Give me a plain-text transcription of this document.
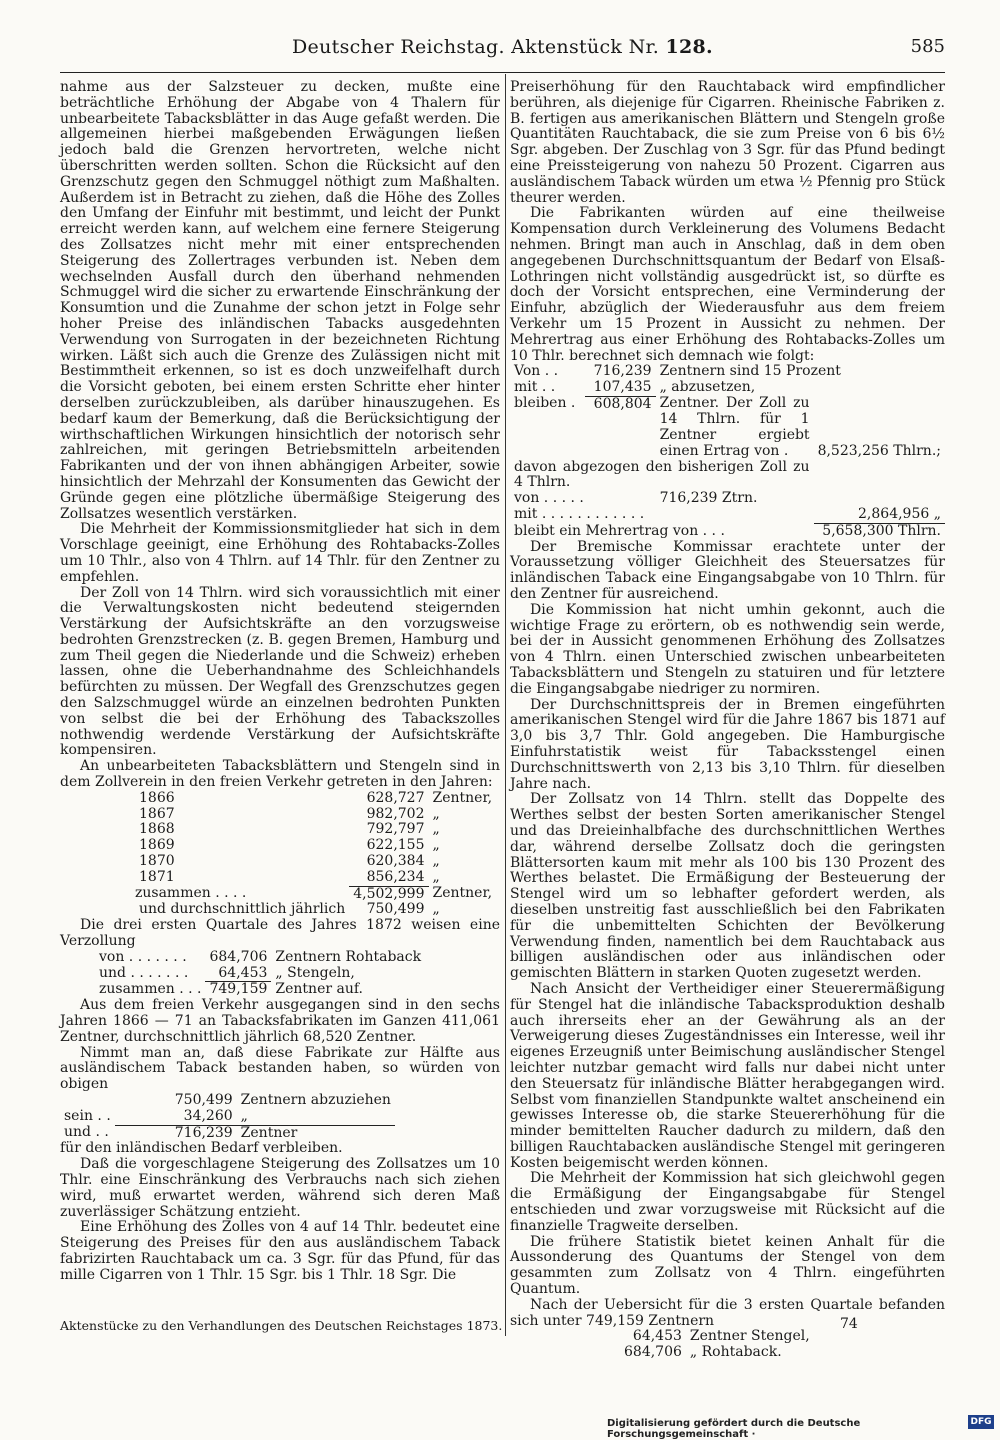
Deutscher Reichstag. Aktenstück Nr. 128.	585

nahme aus der Salzsteuer zu decken, mußte eine beträchtliche Erhöhung der Abgabe von 4 Thalern für unbearbeitete Tabacksblätter in das Auge gefaßt werden. Die allgemeinen hierbei maßgebenden Erwägungen ließen jedoch bald die Grenzen hervortreten, welche nicht überschritten werden sollten. Schon die Rücksicht auf den Grenzschutz gegen den Schmuggel nöthigt zum Maßhalten. Außerdem ist in Betracht zu ziehen, daß die Höhe des Zolles den Umfang der Einfuhr mit bestimmt, und leicht der Punkt erreicht werden kann, auf welchem eine fernere Steigerung des Zollsatzes nicht mehr mit einer entsprechenden Steigerung des Zollertrages verbunden ist. Neben dem wechselnden Ausfall durch den überhand nehmenden Schmuggel wird die sicher zu erwartende Einschränkung der Konsumtion und die Zunahme der schon jetzt in Folge sehr hoher Preise des inländischen Tabacks ausgedehnten Verwendung von Surrogaten in der bezeichneten Richtung wirken. Läßt sich auch die Grenze des Zulässigen nicht mit Bestimmtheit erkennen, so ist es doch unzweifelhaft durch die Vorsicht geboten, bei einem ersten Schritte eher hinter derselben zurückzubleiben, als darüber hinauszugehen. Es bedarf kaum der Bemerkung, daß die Berücksichtigung der wirthschaftlichen Wirkungen hinsichtlich der notorisch sehr zahlreichen, mit geringen Betriebsmitteln arbeitenden Fabrikanten und der von ihnen abhängigen Arbeiter, sowie hinsichtlich der Mehrzahl der Konsumenten das Gewicht der Gründe gegen eine plötzliche übermäßige Steigerung des Zollsatzes wesentlich verstärken.

Die Mehrheit der Kommissionsmitglieder hat sich in dem Vorschlage geeinigt, eine Erhöhung des Rohtabacks-Zolles um 10 Thlr., also von 4 Thlrn. auf 14 Thlr. für den Zentner zu empfehlen.

Der Zoll von 14 Thlrn. wird sich voraussichtlich mit einer die Verwaltungskosten nicht bedeutend steigernden Verstärkung der Aufsichtskräfte an den vorzugsweise bedrohten Grenzstrecken (z. B. gegen Bremen, Hamburg und zum Theil gegen die Niederlande und die Schweiz) erheben lassen, ohne die Ueberhandnahme des Schleichhandels befürchten zu müssen. Der Wegfall des Grenzschutzes gegen den Salzschmuggel würde an einzelnen bedrohten Punkten von selbst die bei der Erhöhung des Tabackszolles nothwendig werdende Verstärkung der Aufsichtskräfte kompensiren.

An unbearbeiteten Tabacksblättern und Stengeln sind in dem Zollverein in den freien Verkehr getreten in den Jahren:

1866	628,727	Zentner,
1867	982,702	„
1868	792,797	„
1869	622,155	„
1870	620,384	„
1871	856,234	„
zusammen . . . .	4,502,999	Zentner,
und durchschnittlich jährlich	750,499	„

Die drei ersten Quartale des Jahres 1872 weisen eine Verzollung

von . . . . . . .	684,706	Zentnern Rohtaback
und . . . . . . .	64,453	„ Stengeln,
zusammen . . .	749,159	Zentner auf.

Aus dem freien Verkehr ausgegangen sind in den sechs Jahren 1866 — 71 an Tabacksfabrikaten im Ganzen 411,061 Zentner, durchschnittlich jährlich 68,520 Zentner.

Nimmt man an, daß diese Fabrikate zur Hälfte aus ausländischem Taback bestanden haben, so würden von obigen

	750,499	Zentnern abzuziehen
sein . .	34,260	„
und . .	716,239	Zentner

für den inländischen Bedarf verbleiben.

Daß die vorgeschlagene Steigerung des Zollsatzes um 10 Thlr. eine Einschränkung des Verbrauchs nach sich ziehen wird, muß erwartet werden, während sich deren Maß zuverlässiger Schätzung entzieht.

Eine Erhöhung des Zolles von 4 auf 14 Thlr. bedeutet eine Steigerung des Preises für den aus ausländischem Taback fabrizirten Rauchtaback um ca. 3 Sgr. für das Pfund, für das mille Cigarren von 1 Thlr. 15 Sgr. bis 1 Thlr. 18 Sgr. Die

Preiserhöhung für den Rauchtaback wird empfindlicher berühren, als diejenige für Cigarren. Rheinische Fabriken z. B. fertigen aus amerikanischen Blättern und Stengeln große Quantitäten Rauchtaback, die sie zum Preise von 6 bis 6½ Sgr. abgeben. Der Zuschlag von 3 Sgr. für das Pfund bedingt eine Preissteigerung von nahezu 50 Prozent. Cigarren aus ausländischem Taback würden um etwa ½ Pfennig pro Stück theurer werden.

Die Fabrikanten würden auf eine theilweise Kompensation durch Verkleinerung des Volumens Bedacht nehmen. Bringt man auch in Anschlag, daß in dem oben angegebenen Durchschnittsquantum der Bedarf von Elsaß-Lothringen nicht vollständig ausgedrückt ist, so dürfte es doch der Vorsicht entsprechen, eine Verminderung der Einfuhr, abzüglich der Wiederausfuhr aus dem freiem Verkehr um 15 Prozent in Aussicht zu nehmen. Der Mehrertrag aus einer Erhöhung des Rohtabacks-Zolles um 10 Thlr. berechnet sich demnach wie folgt:

Von . .	716,239	Zentnern sind 15 Prozent	
mit . .	107,435	„ abzusetzen,	
bleiben .	608,804	Zentner. Der Zoll zu 14 Thlrn. für 1 Zentner ergiebt einen Ertrag von .	8,523,256 Thlrn.;
davon abgezogen den bisherigen Zoll zu 4 Thlrn.			
von . . . . .		716,239 Ztrn.	
mit . . . . . . . . . . . .			2,864,956 „
bleibt ein Mehrertrag von . . .			5,658,300 Thlrn.

Der Bremische Kommissar erachtete unter der Voraussetzung völliger Gleichheit des Steuersatzes für inländischen Taback eine Eingangsabgabe von 10 Thlrn. für den Zentner für ausreichend.

Die Kommission hat nicht umhin gekonnt, auch die wichtige Frage zu erörtern, ob es nothwendig sein werde, bei der in Aussicht genommenen Erhöhung des Zollsatzes von 4 Thlrn. einen Unterschied zwischen unbearbeiteten Tabacksblättern und Stengeln zu statuiren und für letztere die Eingangsabgabe niedriger zu normiren.

Der Durchschnittspreis der in Bremen eingeführten amerikanischen Stengel wird für die Jahre 1867 bis 1871 auf 3,0 bis 3,7 Thlr. Gold angegeben. Die Hamburgische Einfuhrstatistik weist für Tabacksstengel einen Durchschnittswerth von 2,13 bis 3,10 Thlrn. für dieselben Jahre nach.

Der Zollsatz von 14 Thlrn. stellt das Doppelte des Werthes selbst der besten Sorten amerikanischer Stengel und das Dreieinhalbfache des durchschnittlichen Werthes dar, während derselbe Zollsatz doch die geringsten Blättersorten kaum mit mehr als 100 bis 130 Prozent des Werthes belastet. Die Ermäßigung der Besteuerung der Stengel wird um so lebhafter gefordert werden, als dieselben unstreitig fast ausschließlich bei den Fabrikaten für die unbemittelten Schichten der Bevölkerung Verwendung finden, namentlich bei dem Rauchtaback aus billigen ausländischen oder aus inländischen oder gemischten Blättern in starken Quoten zugesetzt werden.

Nach Ansicht der Vertheidiger einer Steuerermäßigung für Stengel hat die inländische Tabacksproduktion deshalb auch ihrerseits eher an der Gewährung als an der Verweigerung dieses Zugeständnisses ein Interesse, weil ihr eigenes Erzeugniß unter Beimischung ausländischer Stengel leichter nutzbar gemacht wird falls nur dabei nicht unter den Steuersatz für inländische Blätter herabgegangen wird. Selbst vom finanziellen Standpunkte waltet anscheinend ein gewisses Interesse ob, die starke Steuererhöhung für die minder bemittelten Raucher dadurch zu mildern, daß den billigen Rauchtabacken ausländische Stengel mit geringeren Kosten beigemischt werden können.

Die Mehrheit der Kommission hat sich gleichwohl gegen die Ermäßigung der Eingangsabgabe für Stengel entschieden und zwar vorzugsweise mit Rücksicht auf die finanzielle Tragweite derselben.

Die frühere Statistik bietet keinen Anhalt für die Aussonderung des Quantums der Stengel von dem gesammten zum Zollsatz von 4 Thlrn. eingeführten Quantum.

Nach der Uebersicht für die 3 ersten Quartale befanden sich unter 749,159 Zentnern

64,453	Zentner Stengel,
684,706	„ Rohtaback.
Aktenstücke zu den Verhandlungen des Deutschen Reichstages 1873.	74
Digitalisierung gefördert durch die Deutsche Forschungsgemeinschaft ·
DFG
